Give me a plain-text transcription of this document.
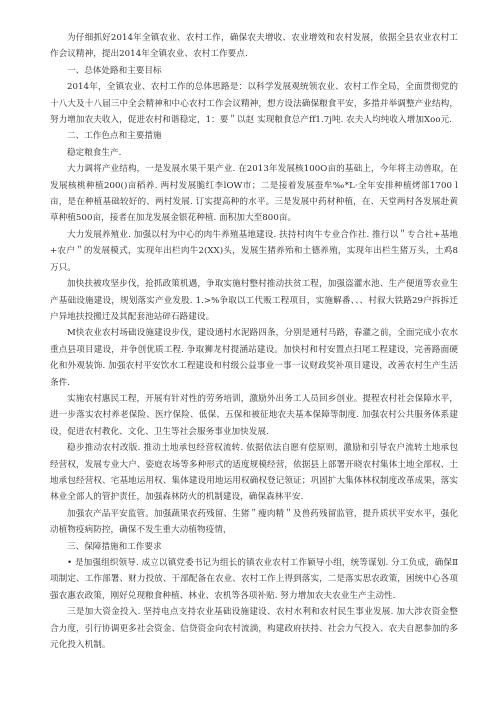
为仔细抓好2014年全镇农业、农村工作，确保农夫增收、农业增效和农村发展，依据全县农业农村工作会议精神，提出2014年全镇农业、农村工作要点.

一、总体处路和主要目标

2014年，全镇农业、农村工作的总体思路是：以科学发展观统领农业、农村工作全局，全面贯彻党的十八大及十八届三中全会精神和中心农村工作会议精神，想方设法确保粮食平安，多措并举调整产业结构，努力增加农夫收入，促进农村和谐稳定，1：要＂以赵 实现粮食总产ff1.7j吨. 农夫人均纯收入增加Xoo元.

二、工作色点和主要措施

稳定粮食生产.

大力调将产业结构，一是发展水果干果产业. 在2013年发展核100O亩的基础上，今年将主动兽取，在发展核桃种植200()亩稻养. 两村发展脆红李lOW市；二是接着发展蚕牟‰*L·全年安排种植烤部1700 l亩，是在种植基础较好的、两村发展. 订实提高种的水平。三是发展中药材种植，在、天堂两村各发展赴黄草种植500亩，接者在加龙发展金银花种植. 面积加大至800亩。

大力发展养殖业. 加强以村为中心的肉牛养殖基地建设. 扶持村肉牛专业合作社. 推行以＂专合社+基地+农户＂的发展模式，实现年出栏肉牛2(XX)头，发展生猪养殆和土德养殖，实现年出栏生猪万头，土鸡8万只。

加快扶被攻坚步伐，抢抓政策机遇，争取实施村整村推动扶贫工程，加强盗灌水池、生产便道等农业生产基础设施建设，规划落实产业发股. 1.>%争取以工代贩工程项目，实施解番、、、村叙大铁路29户拆拆迁户异地扶投搬迁及其配套池站碎石路建设。

M快农业农村场础设施建设步伐，建设通村水泥路四条，分别是通村马路，春灌之前，全面完成小农水重点县项目建设，并争创优质工程. 争取狮龙村提涵站建设。加快村和村安置点扫尾工程建设，完善路面硬化和外观装饰. 加强农村平安饮水工程建设和村级公益事业一事一议财政奖补项目建设，改善农村生产生活条件.

实施农村惠民工程，开展有针对性的劳务培训，激励外出务工人员回乡创业。提程农村社会保障水平，进一步落实农村养老保险、医疗保险、低保、五保和被征地农夫基本保障等制度. 加强农村公共服务体系建设，促进农村教化、文化、卫生等社会服务事业加快发展.

稳步推动农村改版. 推动土地承包经营权流转. 依据依法自愿有偿原则，激励和引导农户流转土地承包经营权，发展专业大户、姿庭农场等多种形式的适度规模经营，依据县上部署开晓农村集体土地全部权、土地承包经营权、宅基地运用权、集体建设用地运用权确权登记领证；巩固扩大集体林权制度改革成果，落实林业全部人的管护责任，加强森林防火的机制建设，确保森林平安.

加强农产品平安监管。加强蔬果农药残留、生猪＂瘦肉精＂及兽药残留监管，提升质状平安水平，强化动植物疫病防控，确保不发生重大动植物疫情，

三、保障措施和工作要求

• 是加强组织领导. 成立以镇党委书记为组长的镇农业农村工作颖导小组，统等谋划. 分工负成，确保Ⅱ项制定、工作部署、财力投放、干部配备在农业、农村工作上得到落实，二是落实思农政策，困统中心各项强农惠农政策，刚好兑现粮食种植、林业、农机等各项补贴. 努力增加农夫农业生产主动性.

三是加大资金投入. 坚持电点支持农业基础设施建设、农村水利和农村民生事业发展. 加大涉农资金整合力度，引行协调更多社会资金、信贷资金向农村流淌，构建政府扶持、社会力气投入、农夫自愿参加的多元化投入机制。
